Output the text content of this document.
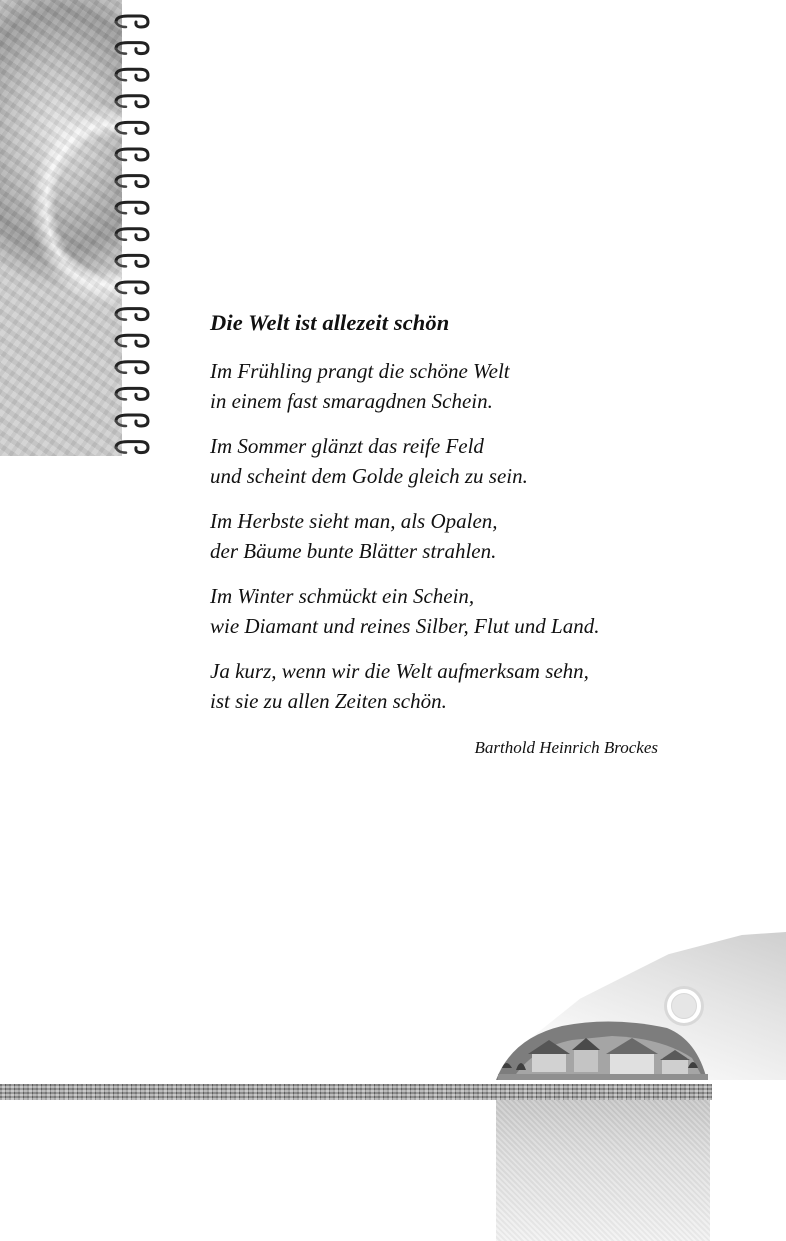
Die Welt ist allezeit schön
Im Frühling prangt die schöne Welt
in einem fast smaragdnen Schein.
Im Sommer glänzt das reife Feld
und scheint dem Golde gleich zu sein.
Im Herbste sieht man, als Opalen,
der Bäume bunte Blätter strahlen.
Im Winter schmückt ein Schein,
wie Diamant und reines Silber, Flut und Land.
Ja kurz, wenn wir die Welt aufmerksam sehn,
ist sie zu allen Zeiten schön.
Barthold Heinrich Brockes
